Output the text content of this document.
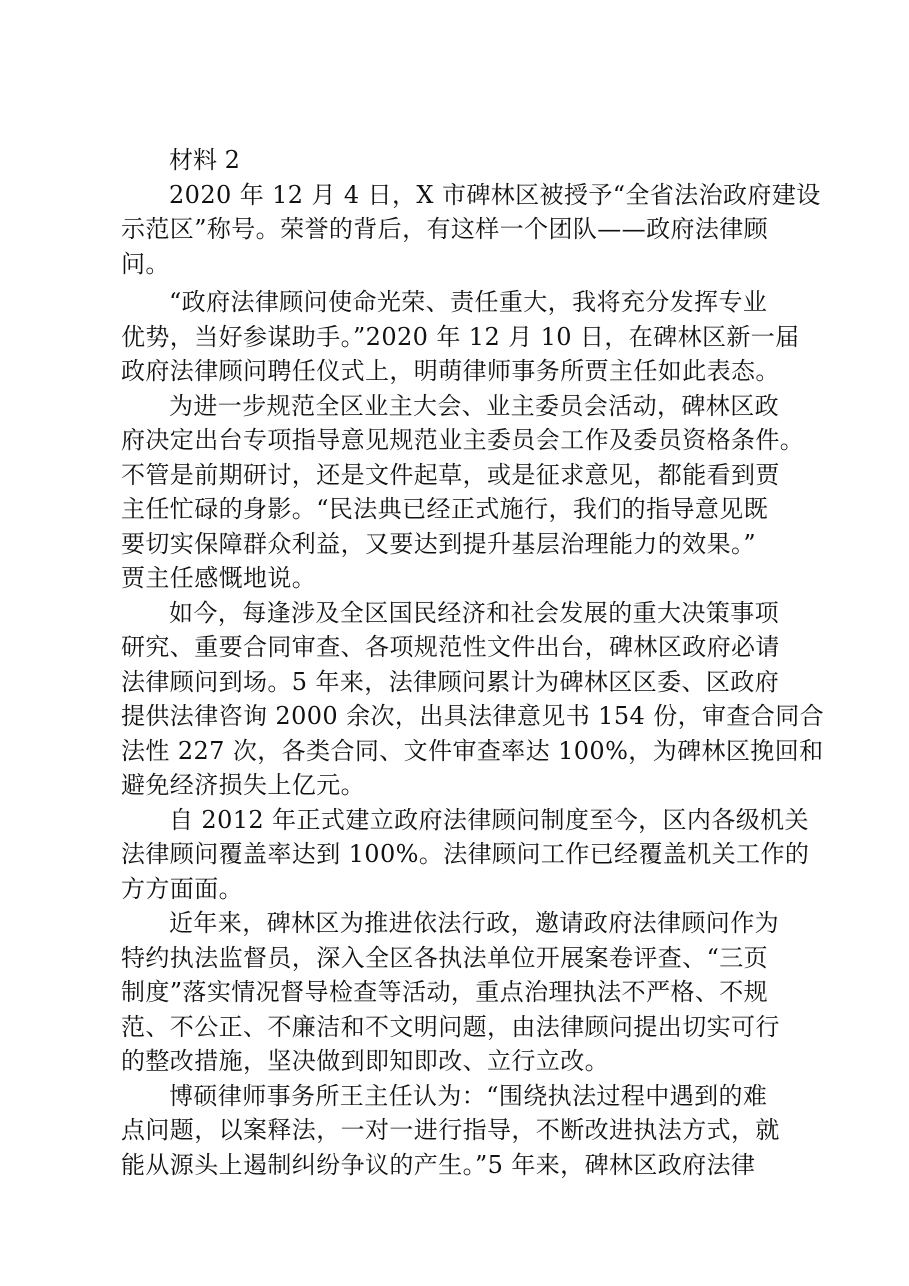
材料 2
2020 年 12 月 4 日，X 市碑林区被授予“全省法治政府建设
示范区”称号。荣誉的背后，有这样一个团队——政府法律顾
问。
“政府法律顾问使命光荣、责任重大，我将充分发挥专业
优势，当好参谋助手。”2020 年 12 月 10 日，在碑林区新一届
政府法律顾问聘任仪式上，明萌律师事务所贾主任如此表态。
为进一步规范全区业主大会、业主委员会活动，碑林区政
府决定出台专项指导意见规范业主委员会工作及委员资格条件。
不管是前期研讨，还是文件起草，或是征求意见，都能看到贾
主任忙碌的身影。“民法典已经正式施行，我们的指导意见既
要切实保障群众利益，又要达到提升基层治理能力的效果。”
贾主任感慨地说。
如今，每逢涉及全区国民经济和社会发展的重大决策事项
研究、重要合同审查、各项规范性文件出台，碑林区政府必请
法律顾问到场。5 年来，法律顾问累计为碑林区区委、区政府
提供法律咨询 2000 余次，出具法律意见书 154 份，审查合同合
法性 227 次，各类合同、文件审查率达 100%，为碑林区挽回和
避免经济损失上亿元。
自 2012 年正式建立政府法律顾问制度至今，区内各级机关
法律顾问覆盖率达到 100%。法律顾问工作已经覆盖机关工作的
方方面面。
近年来，碑林区为推进依法行政，邀请政府法律顾问作为
特约执法监督员，深入全区各执法单位开展案卷评查、“三页
制度”落实情况督导检查等活动，重点治理执法不严格、不规
范、不公正、不廉洁和不文明问题，由法律顾问提出切实可行
的整改措施，坚决做到即知即改、立行立改。
博硕律师事务所王主任认为：“围绕执法过程中遇到的难
点问题，以案释法，一对一进行指导，不断改进执法方式，就
能从源头上遏制纠纷争议的产生。”5 年来，碑林区政府法律
